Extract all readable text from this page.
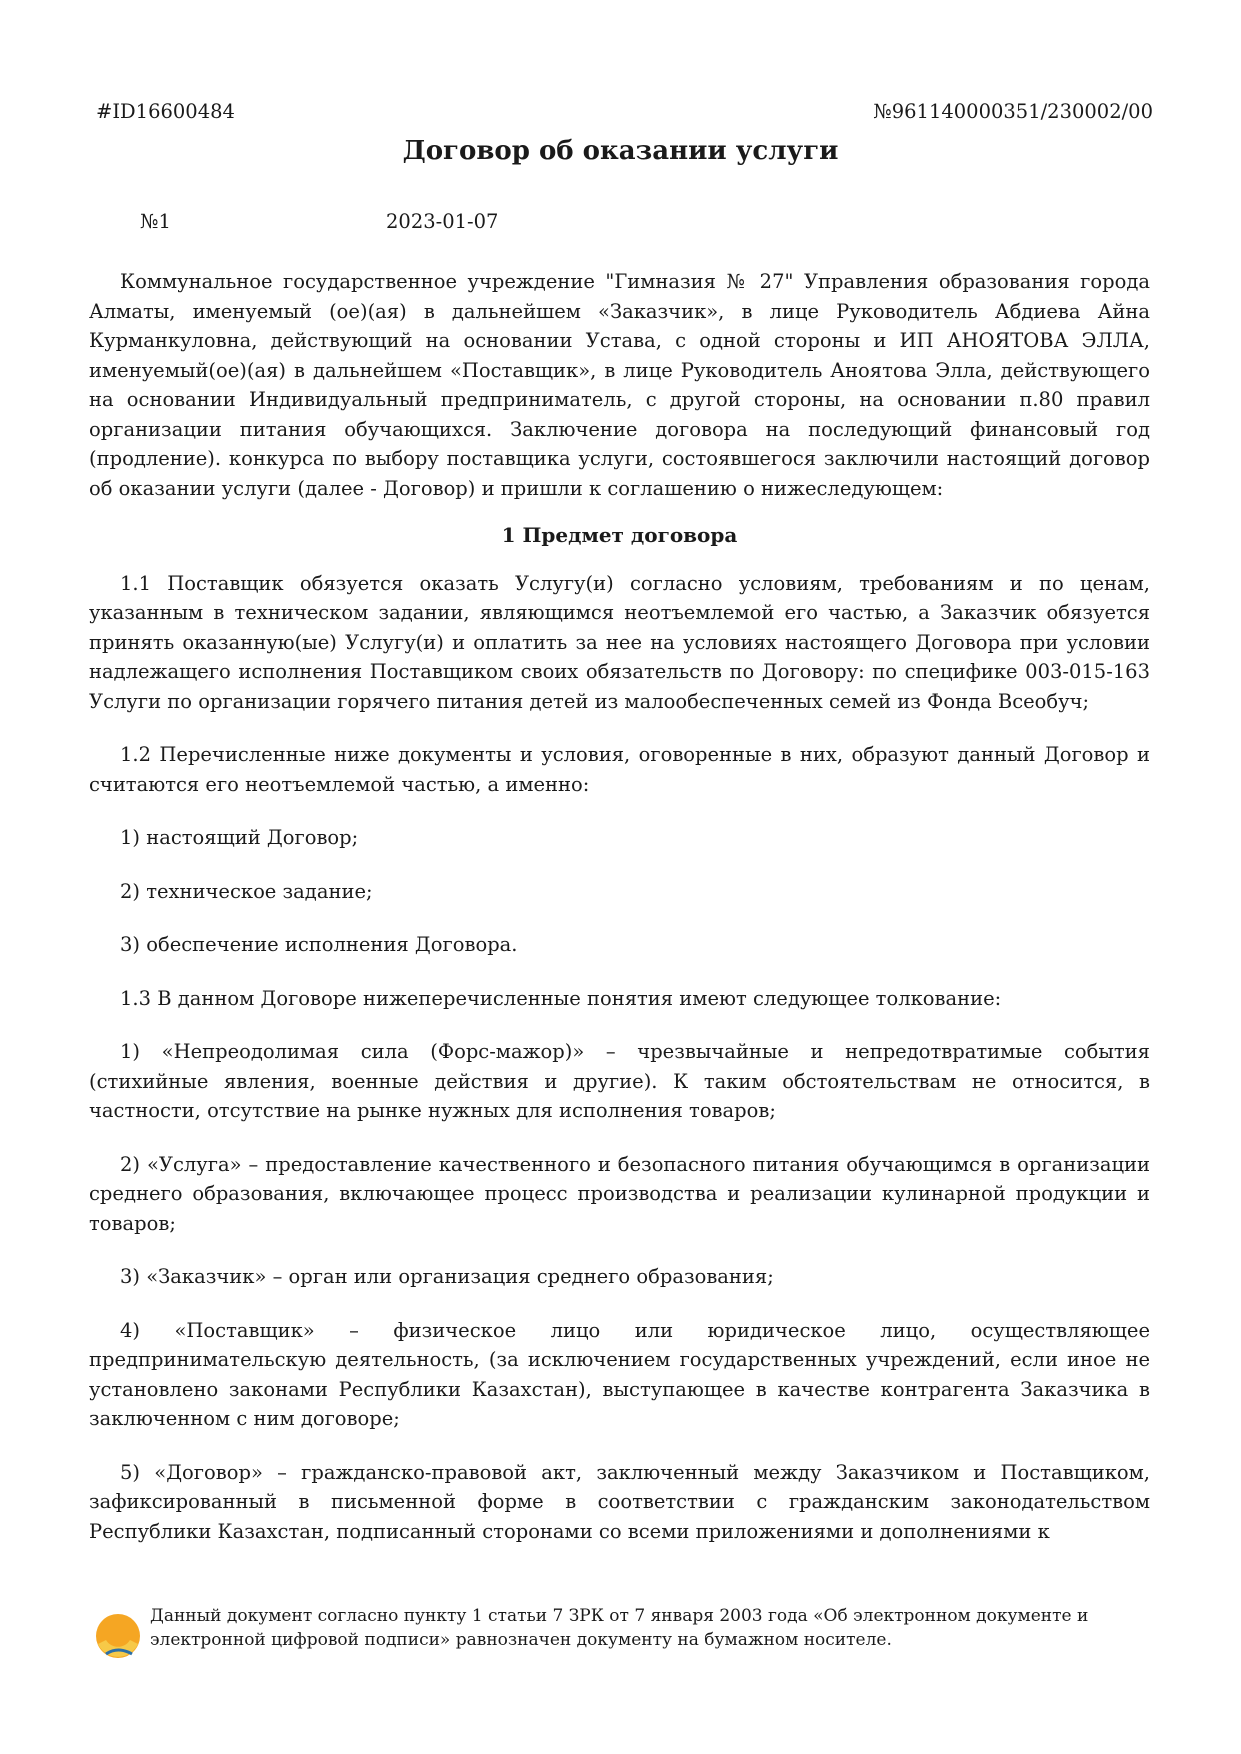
#ID16600484	№961140000351/230002/00
Договор об оказании услуги
№1	2023-01-07

Коммунальное государственное учреждение "Гимназия № 27" Управления образования города Алматы, именуемый (ое)(ая) в дальнейшем «Заказчик», в лице Руководитель Абдиева Айна Курманкуловна, действующий на основании Устава, с одной стороны и ИП АНОЯТОВА ЭЛЛА, именуемый(ое)(ая) в дальнейшем «Поставщик», в лице Руководитель Аноятова Элла, действующего на основании Индивидуальный предприниматель, с другой стороны, на основании п.80 правил организации питания обучающихся. Заключение договора на последующий финансовый год (продление). конкурса по выбору поставщика услуги, состоявшегося заключили настоящий договор об оказании услуги (далее - Договор) и пришли к соглашению о нижеследующем:

1 Предмет договора

1.1 Поставщик обязуется оказать Услугу(и) согласно условиям, требованиям и по ценам, указанным в техническом задании, являющимся неотъемлемой его частью, а Заказчик обязуется принять оказанную(ые) Услугу(и) и оплатить за нее на условиях настоящего Договора при условии надлежащего исполнения Поставщиком своих обязательств по Договору: по специфике 003-015-163 Услуги по организации горячего питания детей из малообеспеченных семей из Фонда Всеобуч;

1.2 Перечисленные ниже документы и условия, оговоренные в них, образуют данный Договор и считаются его неотъемлемой частью, а именно:

1) настоящий Договор;

2) техническое задание;

3) обеспечение исполнения Договора.

1.3 В данном Договоре нижеперечисленные понятия имеют следующее толкование:

1) «Непреодолимая сила (Форс-мажор)» – чрезвычайные и непредотвратимые события (стихийные явления, военные действия и другие). К таким обстоятельствам не относится, в частности, отсутствие на рынке нужных для исполнения товаров;

2) «Услуга» – предоставление качественного и безопасного питания обучающимся в организации среднего образования, включающее процесс производства и реализации кулинарной продукции и товаров;

3) «Заказчик» – орган или организация среднего образования;

4) «Поставщик» – физическое лицо или юридическое лицо, осуществляющее предпринимательскую деятельность, (за исключением государственных учреждений, если иное не установлено законами Республики Казахстан), выступающее в качестве контрагента Заказчика в заключенном с ним договоре;

5) «Договор» – гражданско-правовой акт, заключенный между Заказчиком и Поставщиком, зафиксированный в письменной форме в соответствии с гражданским законодательством Республики Казахстан, подписанный сторонами со всеми приложениями и дополнениями к

Данный документ согласно пункту 1 статьи 7 ЗРК от 7 января 2003 года «Об электронном документе и электронной цифровой подписи» равнозначен документу на бумажном носителе.
